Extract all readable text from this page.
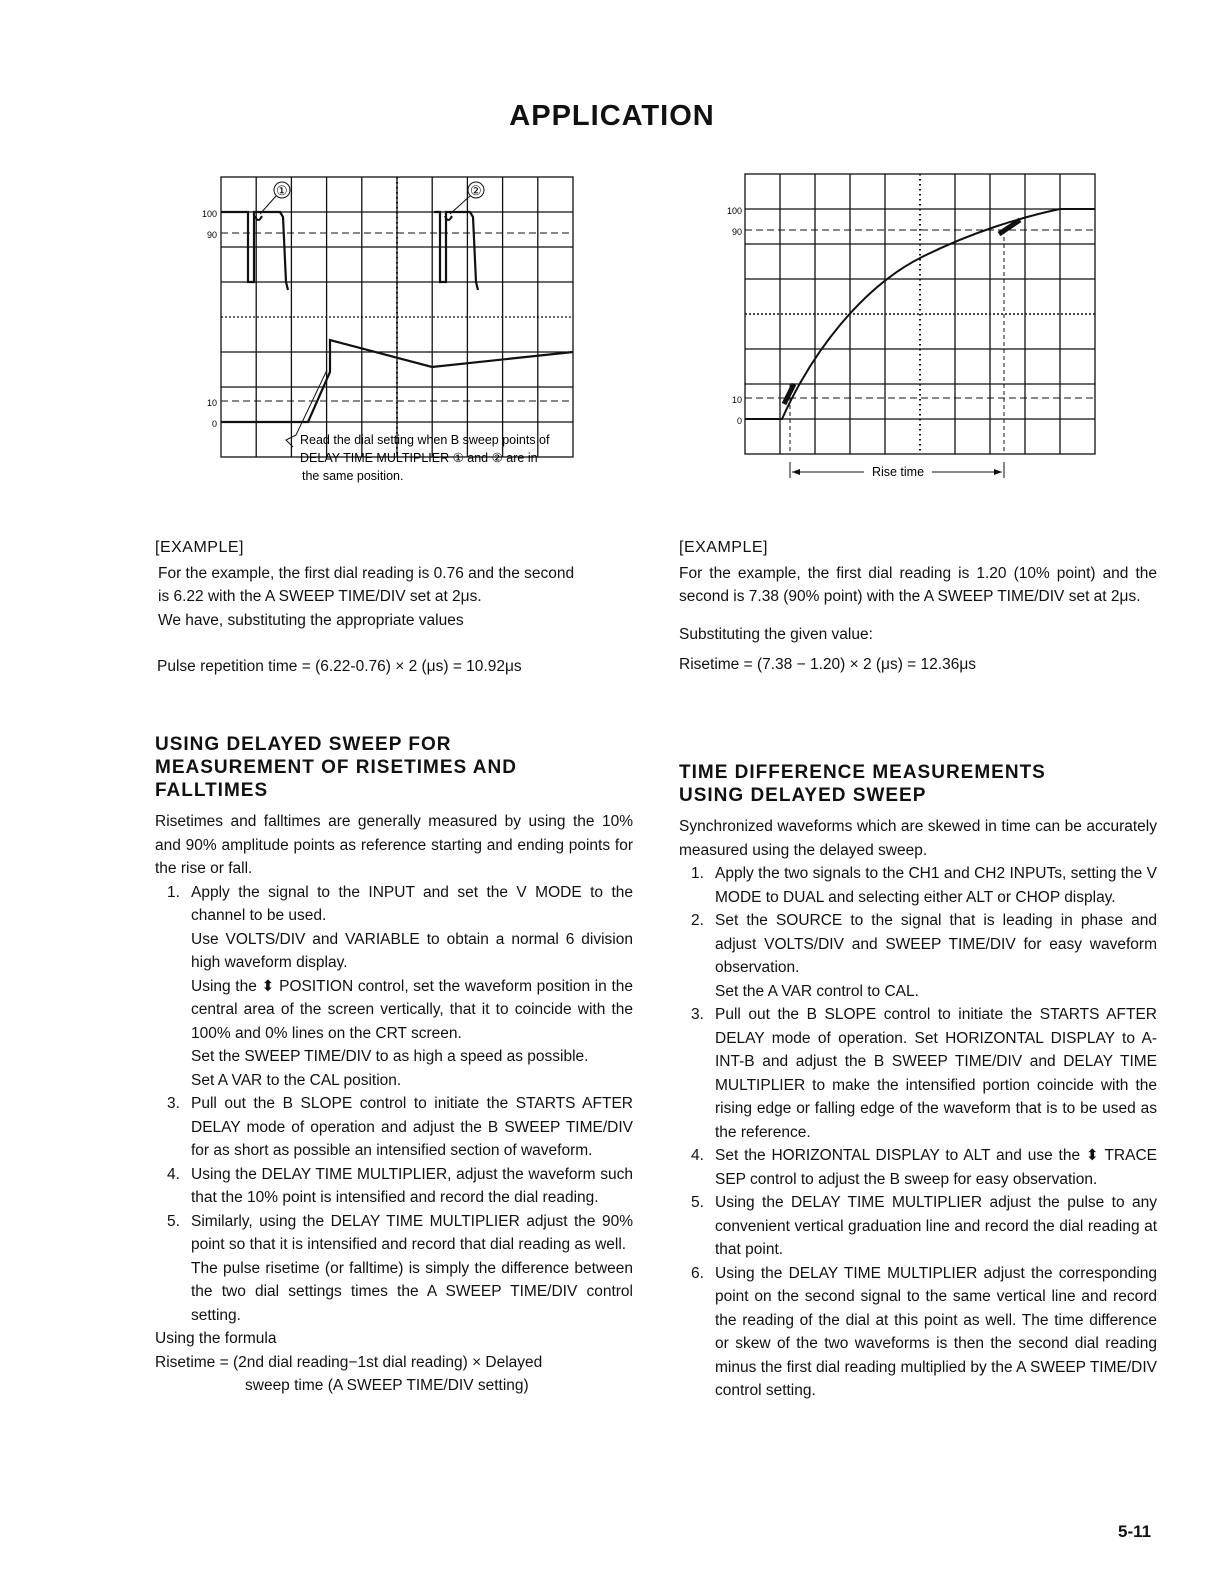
APPLICATION
100
90
10
0
①	②
Read the dial setting when B sweep points of
DELAY TIME MULTIPLIER ① and ② are in
the same position.
100
90
10
0
Rise time
[EXAMPLE]

For the example, the first dial reading is 0.76 and the second

is 6.22 with the A SWEEP TIME/DIV set at 2μs.

We have, substituting the appropriate values

Pulse repetition time = (6.22-0.76) × 2 (μs) = 10.92μs

USING DELAYED SWEEP FOR
MEASUREMENT OF RISETIMES AND
FALLTIMES

Risetimes and falltimes are generally measured by using the 10% and 90% amplitude points as reference starting and ending points for the rise or fall.

1. Apply the signal to the INPUT and set the V MODE to the channel to be used.
Use VOLTS/DIV and VARIABLE to obtain a normal 6 division high waveform display.
Using the ⬍ POSITION control, set the waveform position in the central area of the screen vertically, that it to coincide with the 100% and 0% lines on the CRT screen.
Set the SWEEP TIME/DIV to as high a speed as possible.
Set A VAR to the CAL position.
3. Pull out the B SLOPE control to initiate the STARTS AFTER DELAY mode of operation and adjust the B SWEEP TIME/DIV for as short as possible an intensified section of waveform.
4. Using the DELAY TIME MULTIPLIER, adjust the waveform such that the 10% point is intensified and record the dial reading.
5. Similarly, using the DELAY TIME MULTIPLIER adjust the 90% point so that it is intensified and record that dial reading as well.
The pulse risetime (or falltime) is simply the difference between the two dial settings times the A SWEEP TIME/DIV control setting.

Using the formula

Risetime = (2nd dial reading−1st dial reading) × Delayed

sweep time (A SWEEP TIME/DIV setting)

[EXAMPLE]

For the example, the first dial reading is 1.20 (10% point) and the second is 7.38 (90% point) with the A SWEEP TIME/DIV set at 2μs.

Substituting the given value:

Risetime = (7.38 − 1.20) × 2 (μs) = 12.36μs

TIME DIFFERENCE MEASUREMENTS
USING DELAYED SWEEP

Synchronized waveforms which are skewed in time can be accurately measured using the delayed sweep.

1. Apply the two signals to the CH1 and CH2 INPUTs, setting the V MODE to DUAL and selecting either ALT or CHOP display.
2. Set the SOURCE to the signal that is leading in phase and adjust VOLTS/DIV and SWEEP TIME/DIV for easy waveform observation.
Set the A VAR control to CAL.
3. Pull out the B SLOPE control to initiate the STARTS AFTER DELAY mode of operation. Set HORIZONTAL DISPLAY to A-INT-B and adjust the B SWEEP TIME/DIV and DELAY TIME MULTIPLIER to make the intensified portion coincide with the rising edge or falling edge of the waveform that is to be used as the reference.
4. Set the HORIZONTAL DISPLAY to ALT and use the ⬍ TRACE SEP control to adjust the B sweep for easy observation.
5. Using the DELAY TIME MULTIPLIER adjust the pulse to any convenient vertical graduation line and record the dial reading at that point.
6. Using the DELAY TIME MULTIPLIER adjust the corresponding point on the second signal to the same vertical line and record the reading of the dial at this point as well. The time difference or skew of the two waveforms is then the second dial reading minus the first dial reading multiplied by the A SWEEP TIME/DIV control setting.
5-11
